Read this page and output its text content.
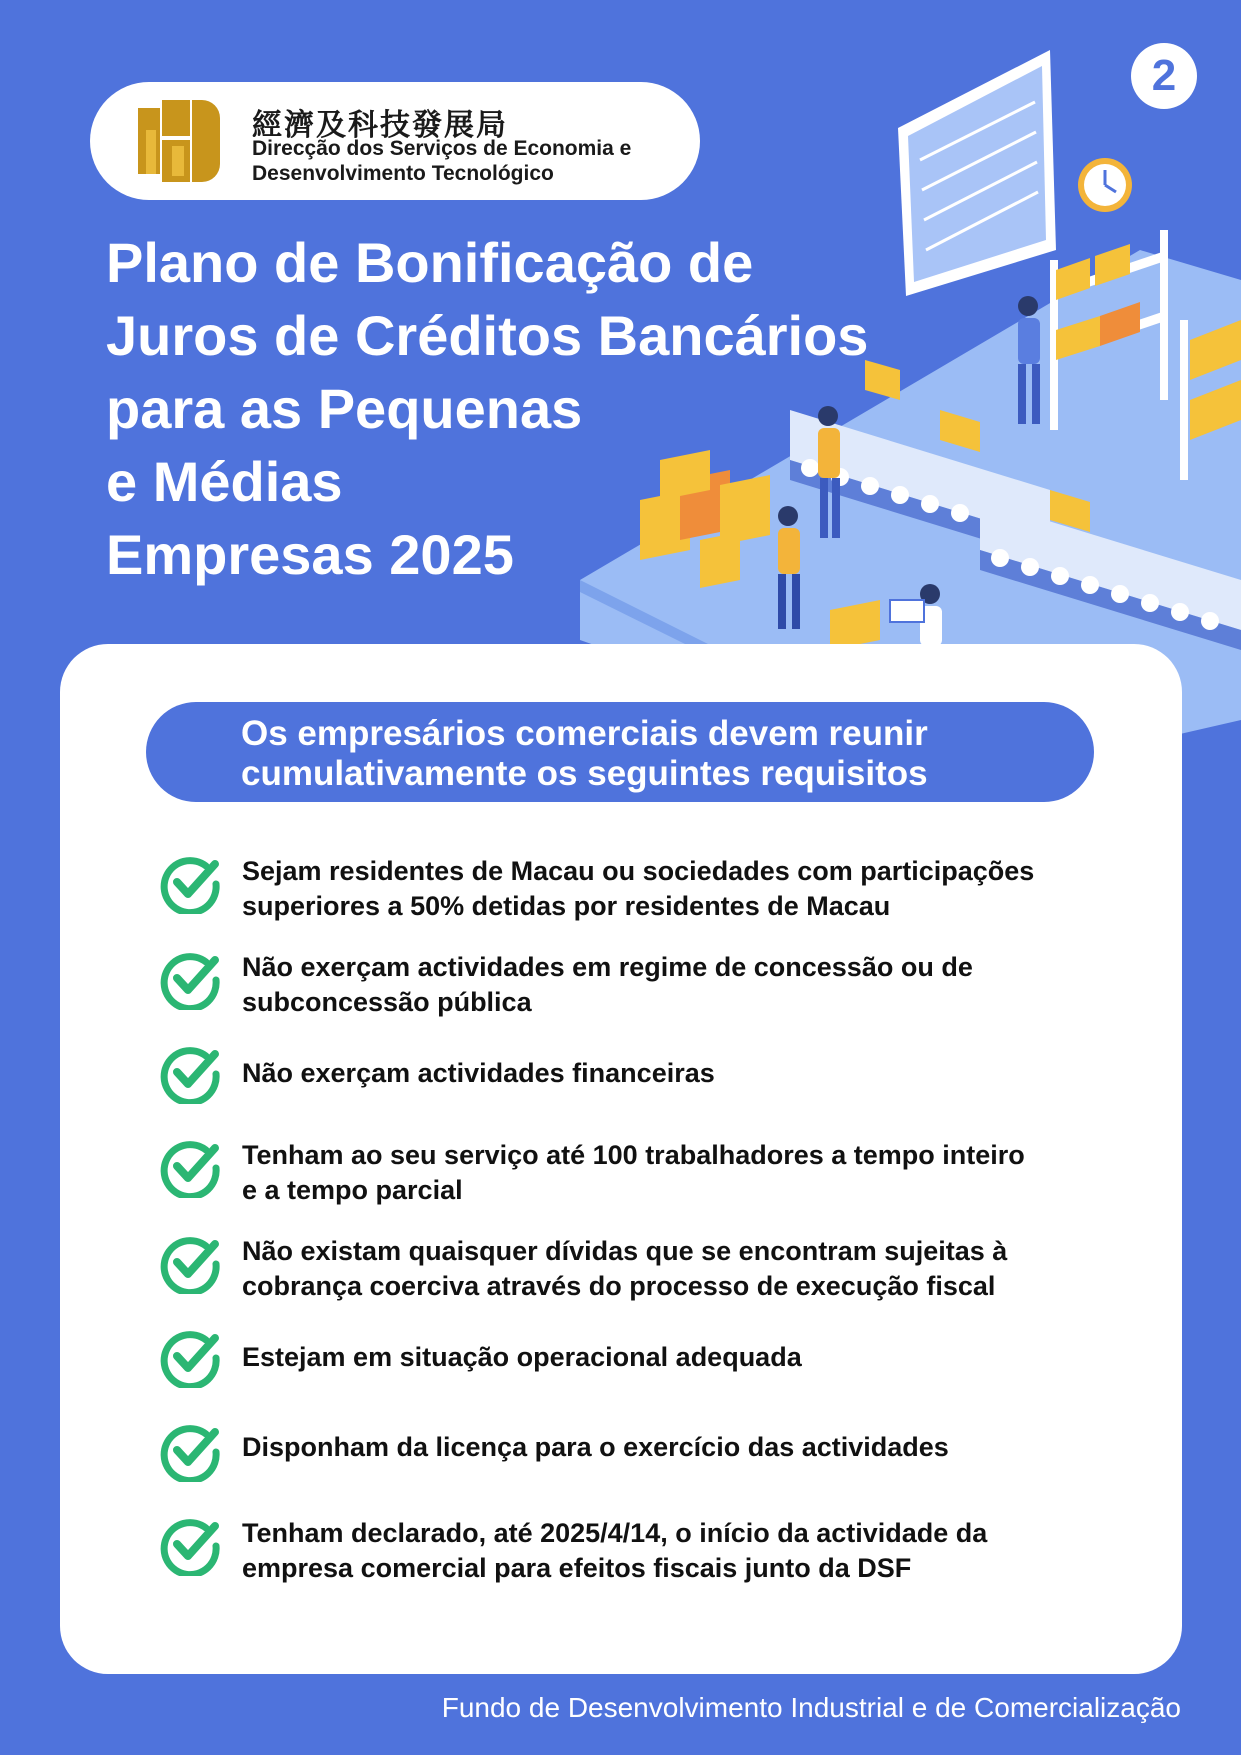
經濟及科技發展局
Direcção dos Serviços de Economia e
Desenvolvimento Tecnológico
2
Plano de Bonificação de
Juros de Créditos Bancários
para as Pequenas
e Médias
Empresas 2025
Os empresários comerciais devem reunir
cumulativamente os seguintes requisitos
Sejam residentes de Macau ou sociedades com participações
superiores a 50% detidas por residentes de Macau
Não exerçam actividades em regime de concessão ou de
subconcessão pública
Não exerçam actividades financeiras
Tenham ao seu serviço até 100 trabalhadores a tempo inteiro
e a tempo parcial
Não existam quaisquer dívidas que se encontram sujeitas à
cobrança coerciva através do processo de execução fiscal
Estejam em situação operacional adequada
Disponham da licença para o exercício das actividades
Tenham declarado, até 2025/4/14, o início da actividade da
empresa comercial para efeitos fiscais junto da DSF
Fundo de Desenvolvimento Industrial e de Comercialização
